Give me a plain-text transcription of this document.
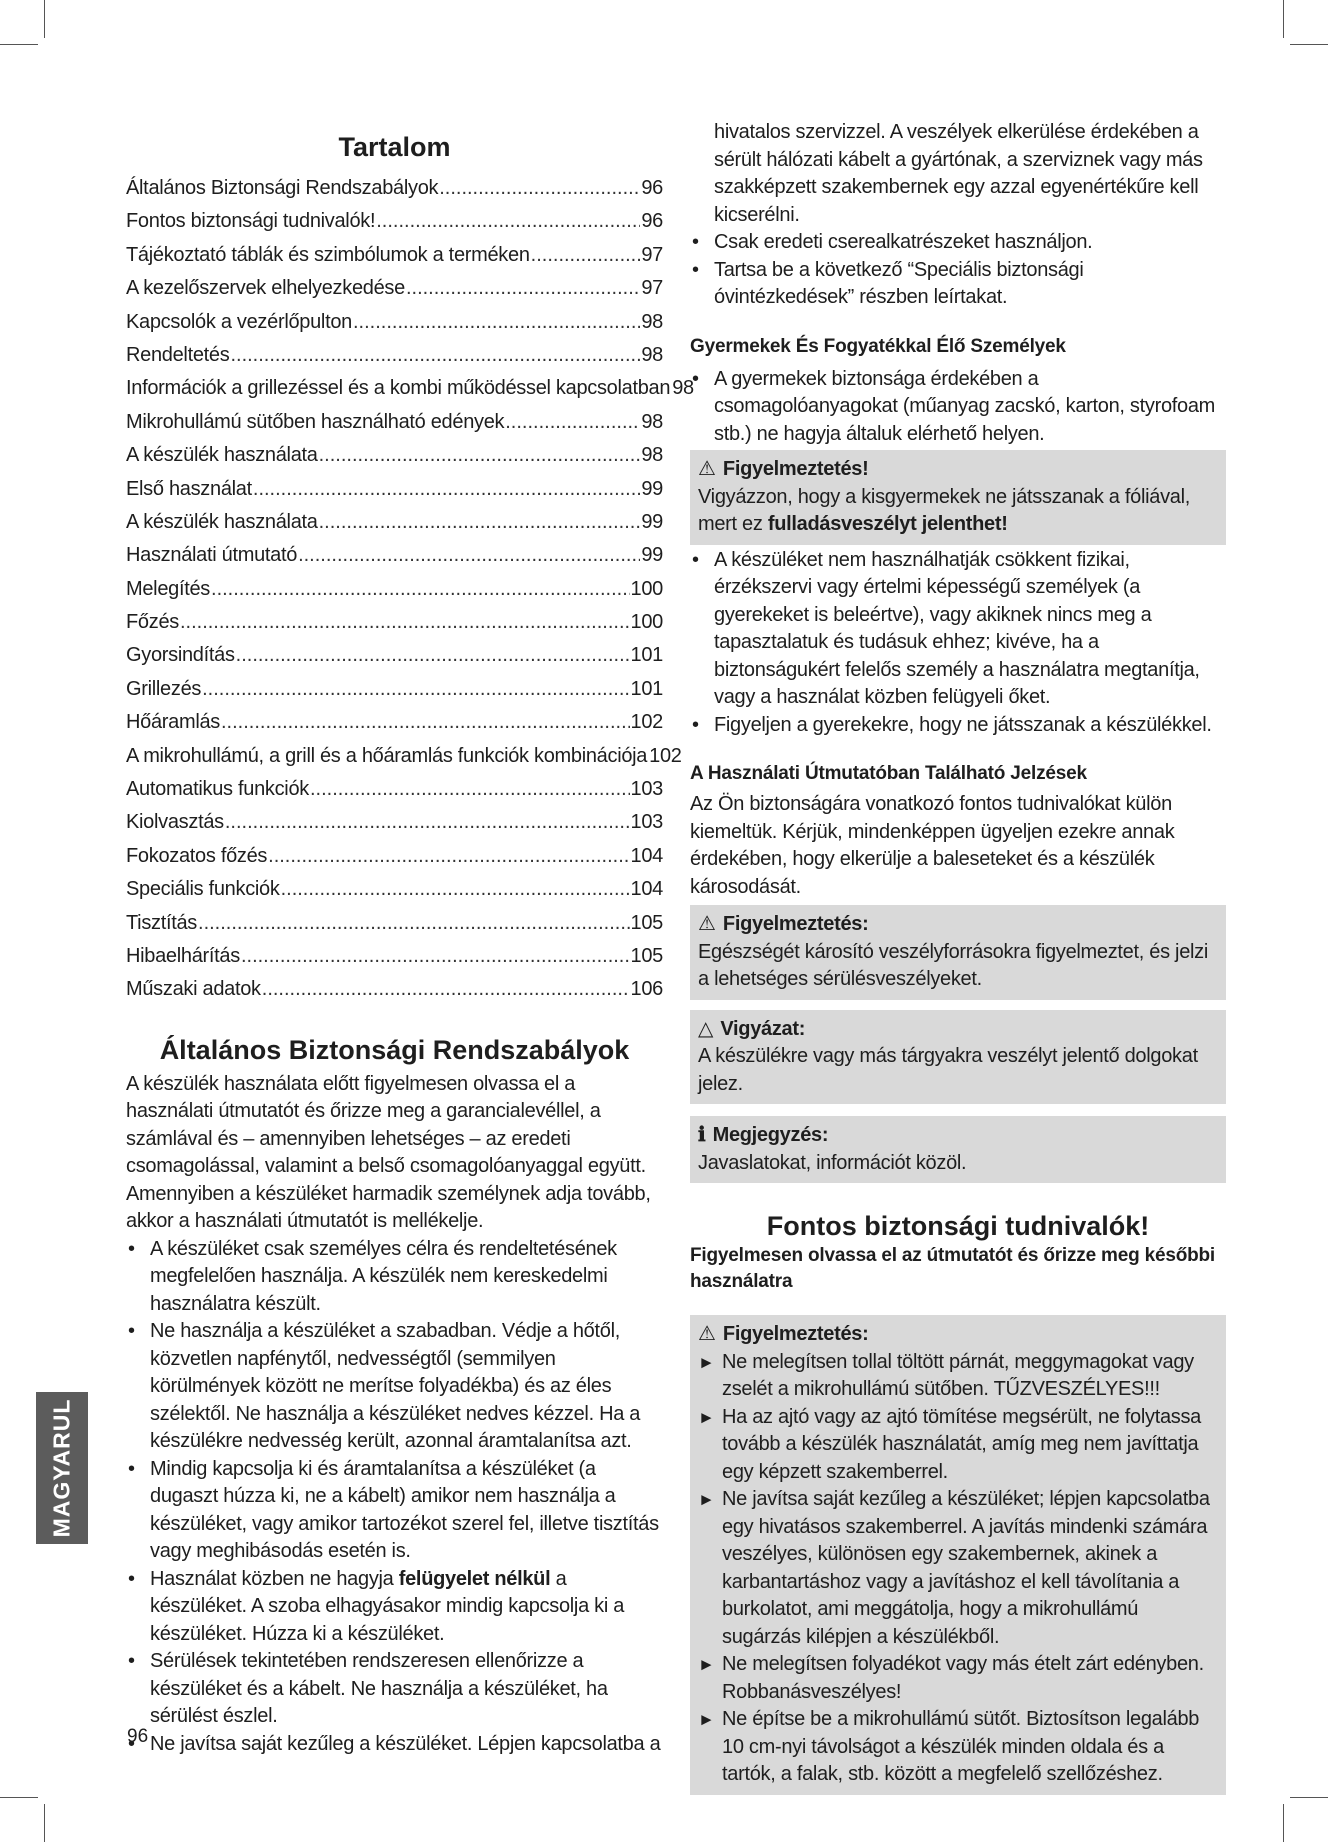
Tartalom
Általános Biztonsági Rendszabályok .....	96
Fontos biztonsági tudnivalók! .....	96
Tájékoztató táblák és szimbólumok a terméken .....	97
A kezelőszervek elhelyezkedése .....	97
Kapcsolók a vezérlőpulton .....	98
Rendeltetés .....	98
Információk a grillezéssel és a kombi működéssel kapcsolatban 98
Mikrohullámú sütőben használható edények .....	98
A készülék használata .....	98
Első használat .....	99
A készülék használata .....	99
Használati útmutató .....	99
Melegítés .....	100
Főzés .....	100
Gyorsindítás .....	101
Grillezés .....	101
Hőáramlás .....	102
A mikrohullámú, a grill és a hőáramlás funkciók kombinációja 102
Automatikus funkciók .....	103
Kiolvasztás .....	103
Fokozatos főzés .....	104
Speciális funkciók .....	104
Tisztítás .....	105
Hibaelhárítás .....	105
Műszaki adatok .....	106
Általános Biztonsági Rendszabályok

A készülék használata előtt figyelmesen olvassa el a használati útmutatót és őrizze meg a garancialevéllel, a számlával és – amennyiben lehetséges – az eredeti csomagolással, valamint a belső csomagolóanyaggal együtt. Amennyiben a készüléket harmadik személynek adja tovább, akkor a használati útmutatót is mellékelje.

• A készüléket csak személyes célra és rendeltetésének megfelelően használja. A készülék nem kereskedelmi használatra készült.
• Ne használja a készüléket a szabadban. Védje a hőtől, közvetlen napfénytől, nedvességtől (semmilyen körülmények között ne merítse folyadékba) és az éles szélektől. Ne használja a készüléket nedves kézzel. Ha a készülékre nedvesség került, azonnal áramtalanítsa azt.
• Mindig kapcsolja ki és áramtalanítsa a készüléket (a dugaszt húzza ki, ne a kábelt) amikor nem használja a készüléket, vagy amikor tartozékot szerel fel, illetve tisztítás vagy meghibásodás esetén is.
• Használat közben ne hagyja felügyelet nélkül a készüléket. A szoba elhagyásakor mindig kapcsolja ki a készüléket. Húzza ki a készüléket.
• Sérülések tekintetében rendszeresen ellenőrizze a készüléket és a kábelt. Ne használja a készüléket, ha sérülést észlel.
• Ne javítsa saját kezűleg a készüléket. Lépjen kapcsolatba a

hivatalos szervizzel. A veszélyek elkerülése érdekében a sérült hálózati kábelt a gyártónak, a szerviznek vagy más szakképzett szakembernek egy azzal egyenértékűre kell kicserélni.

• Csak eredeti cserealkatrészeket használjon.
• Tartsa be a következő “Speciális biztonsági óvintézkedések” részben leírtakat.
Gyermekek És Fogyatékkal Élő Személyek
• A gyermekek biztonsága érdekében a csomagolóanyagokat (műanyag zacskó, karton, styrofoam stb.) ne hagyja általuk elérhető helyen.
⚠ Figyelmeztetés!
Vigyázzon, hogy a kisgyermekek ne játsszanak a fóliával, mert ez fulladásveszélyt jelenthet!
• A készüléket nem használhatják csökkent fizikai, érzékszervi vagy értelmi képességű személyek (a gyerekeket is beleértve), vagy akiknek nincs meg a tapasztalatuk és tudásuk ehhez; kivéve, ha a biztonságukért felelős személy a használatra megtanítja, vagy a használat közben felügyeli őket.
• Figyeljen a gyerekekre, hogy ne játsszanak a készülékkel.
A Használati Útmutatóban Található Jelzések

Az Ön biztonságára vonatkozó fontos tudnivalókat külön kiemeltük. Kérjük, mindenképpen ügyeljen ezekre annak érdekében, hogy elkerülje a baleseteket és a készülék károsodását.

⚠ Figyelmeztetés:
Egészségét károsító veszélyforrásokra figyelmeztet, és jelzi a lehetséges sérülésveszélyeket.
△ Vigyázat:
A készülékre vagy más tárgyakra veszélyt jelentő dolgokat jelez.
ℹ Megjegyzés:
Javaslatokat, információt közöl.
Fontos biztonsági tudnivalók!
Figyelmesen olvassa el az útmutatót és őrizze meg későbbi használatra
⚠ Figyelmeztetés:
► Ne melegítsen tollal töltött párnát, meggymagokat vagy zselét a mikrohullámú sütőben. TŰZVESZÉLYES!!!
► Ha az ajtó vagy az ajtó tömítése megsérült, ne folytassa tovább a készülék használatát, amíg meg nem javíttatja egy képzett szakemberrel.
► Ne javítsa saját kezűleg a készüléket; lépjen kapcsolatba egy hivatásos szakemberrel. A javítás mindenki számára veszélyes, különösen egy szakembernek, akinek a karbantartáshoz vagy a javításhoz el kell távolítania a burkolatot, ami meggátolja, hogy a mikrohullámú sugárzás kilépjen a készülékből.
► Ne melegítsen folyadékot vagy más ételt zárt edényben. Robbanásveszélyes!
► Ne építse be a mikrohullámú sütőt. Biztosítson legalább 10 cm-nyi távolságot a készülék minden oldala és a tartók, a falak, stb. között a megfelelő szellőzéshez.
MAGYARUL
96
